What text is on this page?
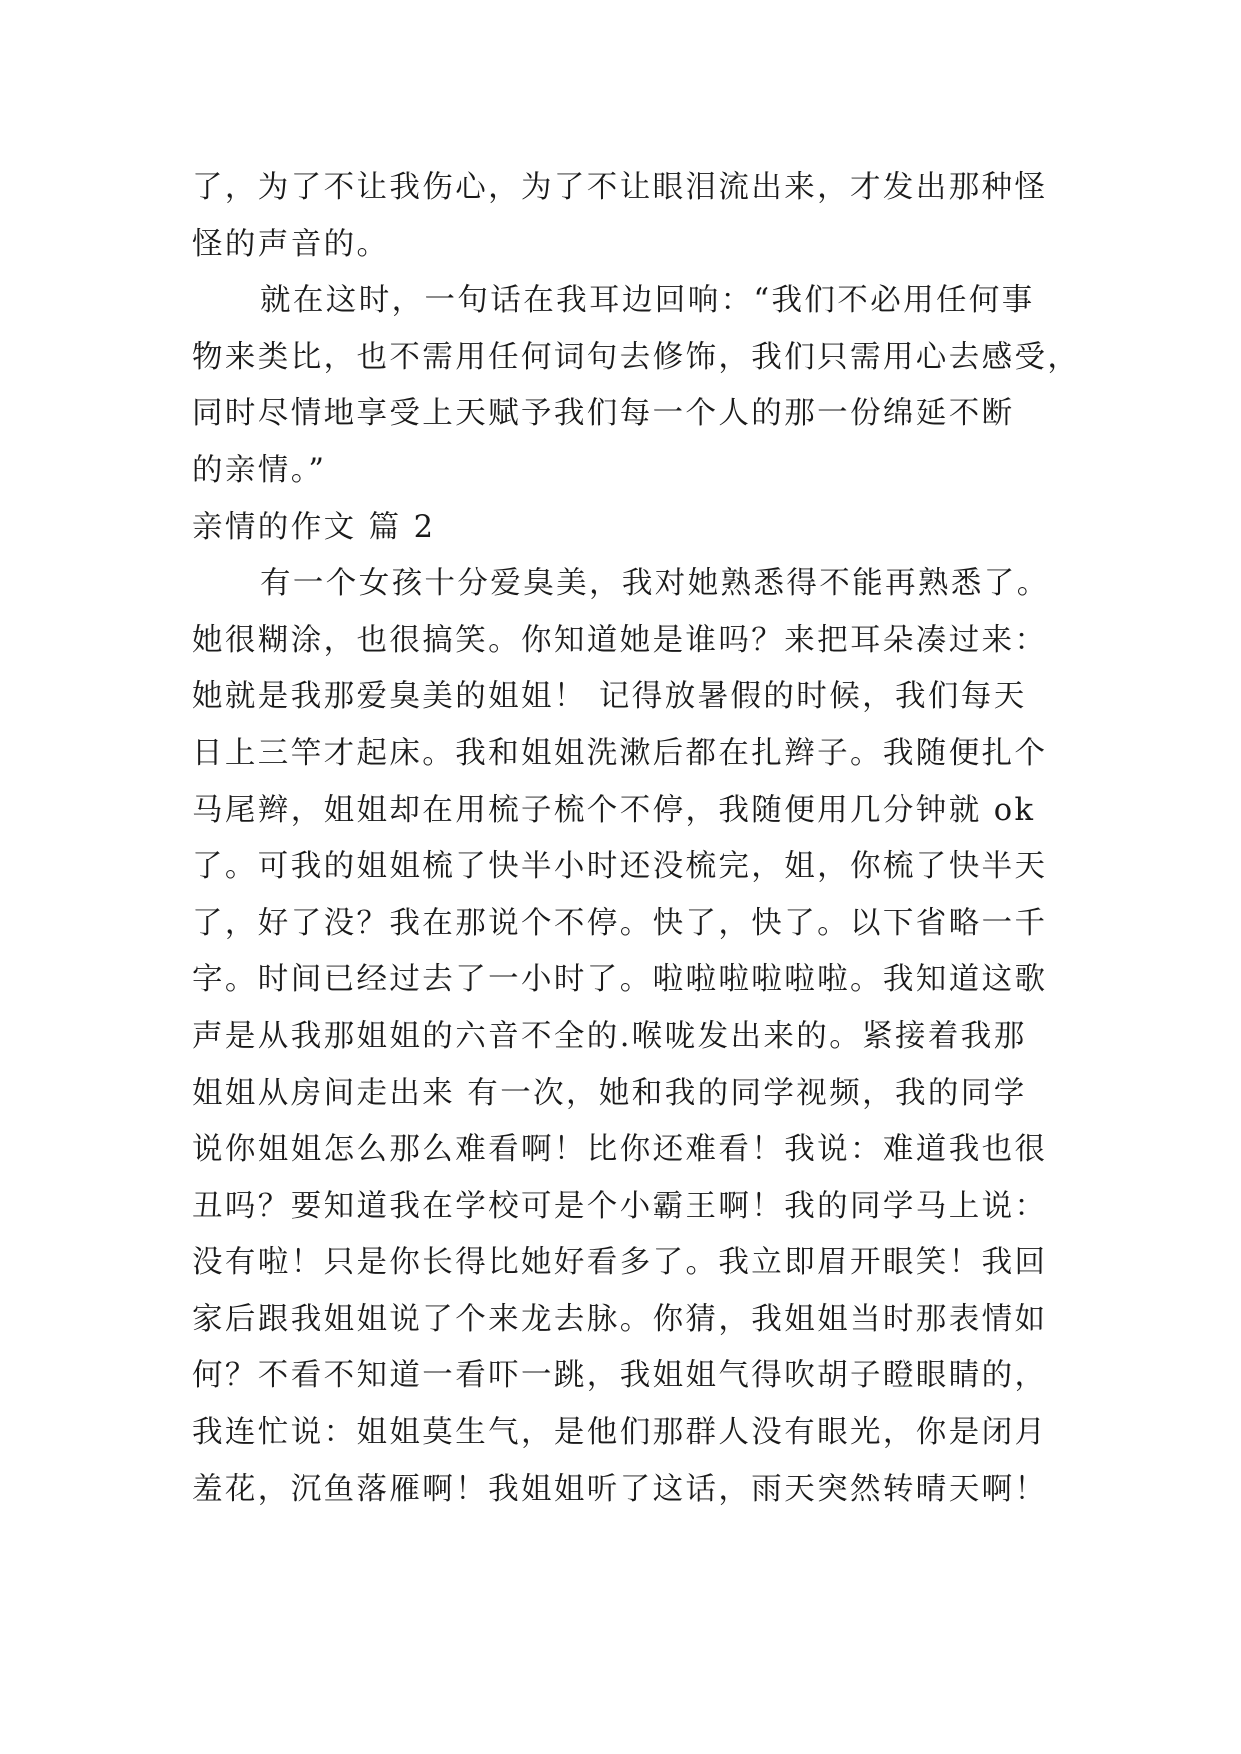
了，为了不让我伤心，为了不让眼泪流出来，才发出那种怪
怪的声音的。
就在这时，一句话在我耳边回响：“我们不必用任何事
物来类比，也不需用任何词句去修饰，我们只需用心去感受，
同时尽情地享受上天赋予我们每一个人的那一份绵延不断
的亲情。”
亲情的作文 篇 2
有一个女孩十分爱臭美，我对她熟悉得不能再熟悉了。
她很糊涂，也很搞笑。你知道她是谁吗？来把耳朵凑过来：
她就是我那爱臭美的姐姐！ 记得放暑假的时候，我们每天
日上三竿才起床。我和姐姐洗漱后都在扎辫子。我随便扎个
马尾辫，姐姐却在用梳子梳个不停，我随便用几分钟就 ok
了。可我的姐姐梳了快半小时还没梳完，姐，你梳了快半天
了，好了没？我在那说个不停。快了，快了。以下省略一千
字。时间已经过去了一小时了。啦啦啦啦啦啦。我知道这歌
声是从我那姐姐的六音不全的.喉咙发出来的。紧接着我那
姐姐从房间走出来 有一次，她和我的同学视频，我的同学
说你姐姐怎么那么难看啊！比你还难看！我说：难道我也很
丑吗？要知道我在学校可是个小霸王啊！我的同学马上说：
没有啦！只是你长得比她好看多了。我立即眉开眼笑！我回
家后跟我姐姐说了个来龙去脉。你猜，我姐姐当时那表情如
何？不看不知道一看吓一跳，我姐姐气得吹胡子瞪眼睛的，
我连忙说：姐姐莫生气，是他们那群人没有眼光，你是闭月
羞花，沉鱼落雁啊！我姐姐听了这话，雨天突然转晴天啊！
